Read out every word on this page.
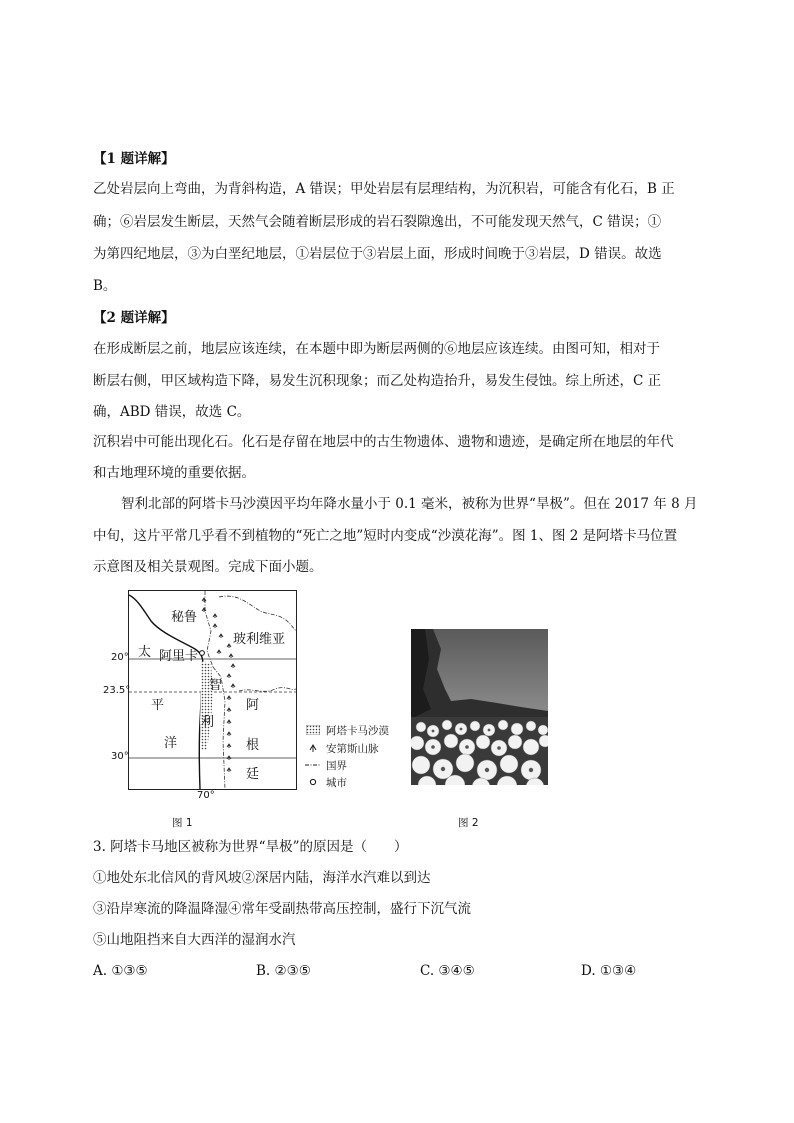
【1 题详解】
乙处岩层向上弯曲，为背斜构造，A 错误；甲处岩层有层理结构，为沉积岩，可能含有化石，B 正
确；⑥岩层发生断层，天然气会随着断层形成的岩石裂隙逸出，不可能发现天然气，C 错误；①
为第四纪地层，③为白垩纪地层，①岩层位于③岩层上面，形成时间晚于③岩层，D 错误。故选
B。
【2 题详解】
在形成断层之前，地层应该连续，在本题中即为断层两侧的⑥地层应该连续。由图可知，相对于
断层右侧，甲区域构造下降，易发生沉积现象；而乙处构造抬升，易发生侵蚀。综上所述，C 正
确，ABD 错误，故选 C。
沉积岩中可能出现化石。化石是存留在地层中的古生物遗体、遗物和遗迹，是确定所在地层的年代
和古地理环境的重要依据。
智利北部的阿塔卡马沙漠因平均年降水量小于 0.1 毫米，被称为世界“旱极”。但在 2017 年 8 月
中旬，这片平常几乎看不到植物的“死亡之地”短时内变成“沙漠花海”。图 1、图 2 是阿塔卡马位置
示意图及相关景观图。完成下面小题。
秘鲁
玻利维亚
阿里卡
太
平
洋
智
利
阿
根
廷
20°
23.5°
30°
70°
阿塔卡马沙漠
安第斯山脉
国界
城市
图 1	图 2
3. 阿塔卡马地区被称为世界“旱极”的原因是（　　）
①地处东北信风的背风坡②深居内陆，海洋水汽难以到达
③沿岸寒流的降温降湿④常年受副热带高压控制，盛行下沉气流
⑤山地阻挡来自大西洋的湿润水汽
A. ①③⑤	B. ②③⑤	C. ③④⑤	D. ①③④
